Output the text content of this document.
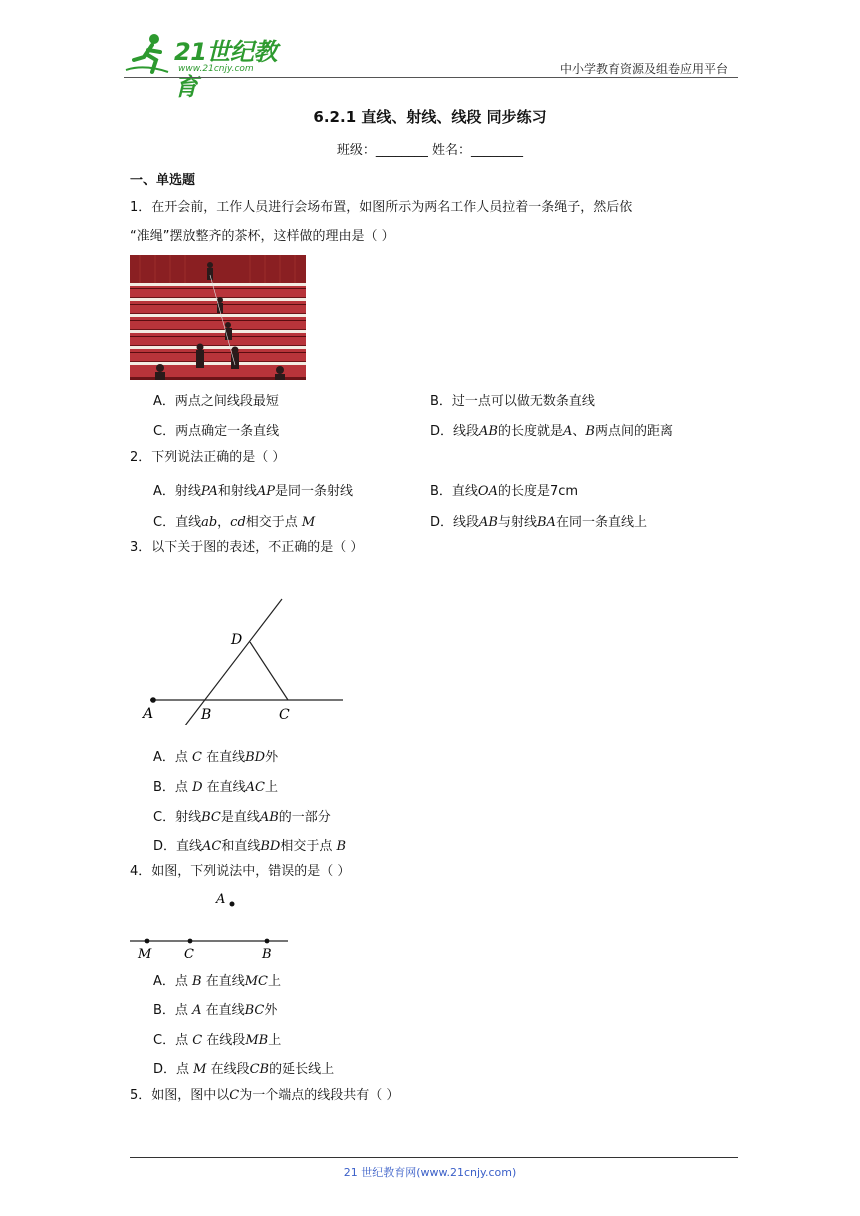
21世纪教育
www.21cnjy.com	中小学教育资源及组卷应用平台
6.2.1 直线、射线、线段 同步练习
班级：________ 姓名：________
一、单选题
1．在开会前，工作人员进行会场布置，如图所示为两名工作人员拉着一条绳子，然后依
“准绳”摆放整齐的茶杯，这样做的理由是（ ）
A．两点之间线段最短	B．过一点可以做无数条直线
C．两点确定一条直线	D．线段AB的长度就是A、B两点间的距离
2．下列说法正确的是（ ）
A．射线PA和射线AP是同一条射线	B．直线OA的长度是7cm
C．直线ab，cd相交于点 M	D．线段AB与射线BA在同一条直线上
3．以下关于图的表述，不正确的是（ ）
A	B	C
D
A．点 C 在直线BD外
B．点 D 在直线AC上
C．射线BC是直线AB的一部分
D．直线AC和直线BD相交于点 B
4．如图，下列说法中，错误的是（ ）
A
M	C	B
A．点 B 在直线MC上
B．点 A 在直线BC外
C．点 C 在线段MB上
D．点 M 在线段CB的延长线上
5．如图，图中以C为一个端点的线段共有（ ）
21 世纪教育网(www.21cnjy.com)
